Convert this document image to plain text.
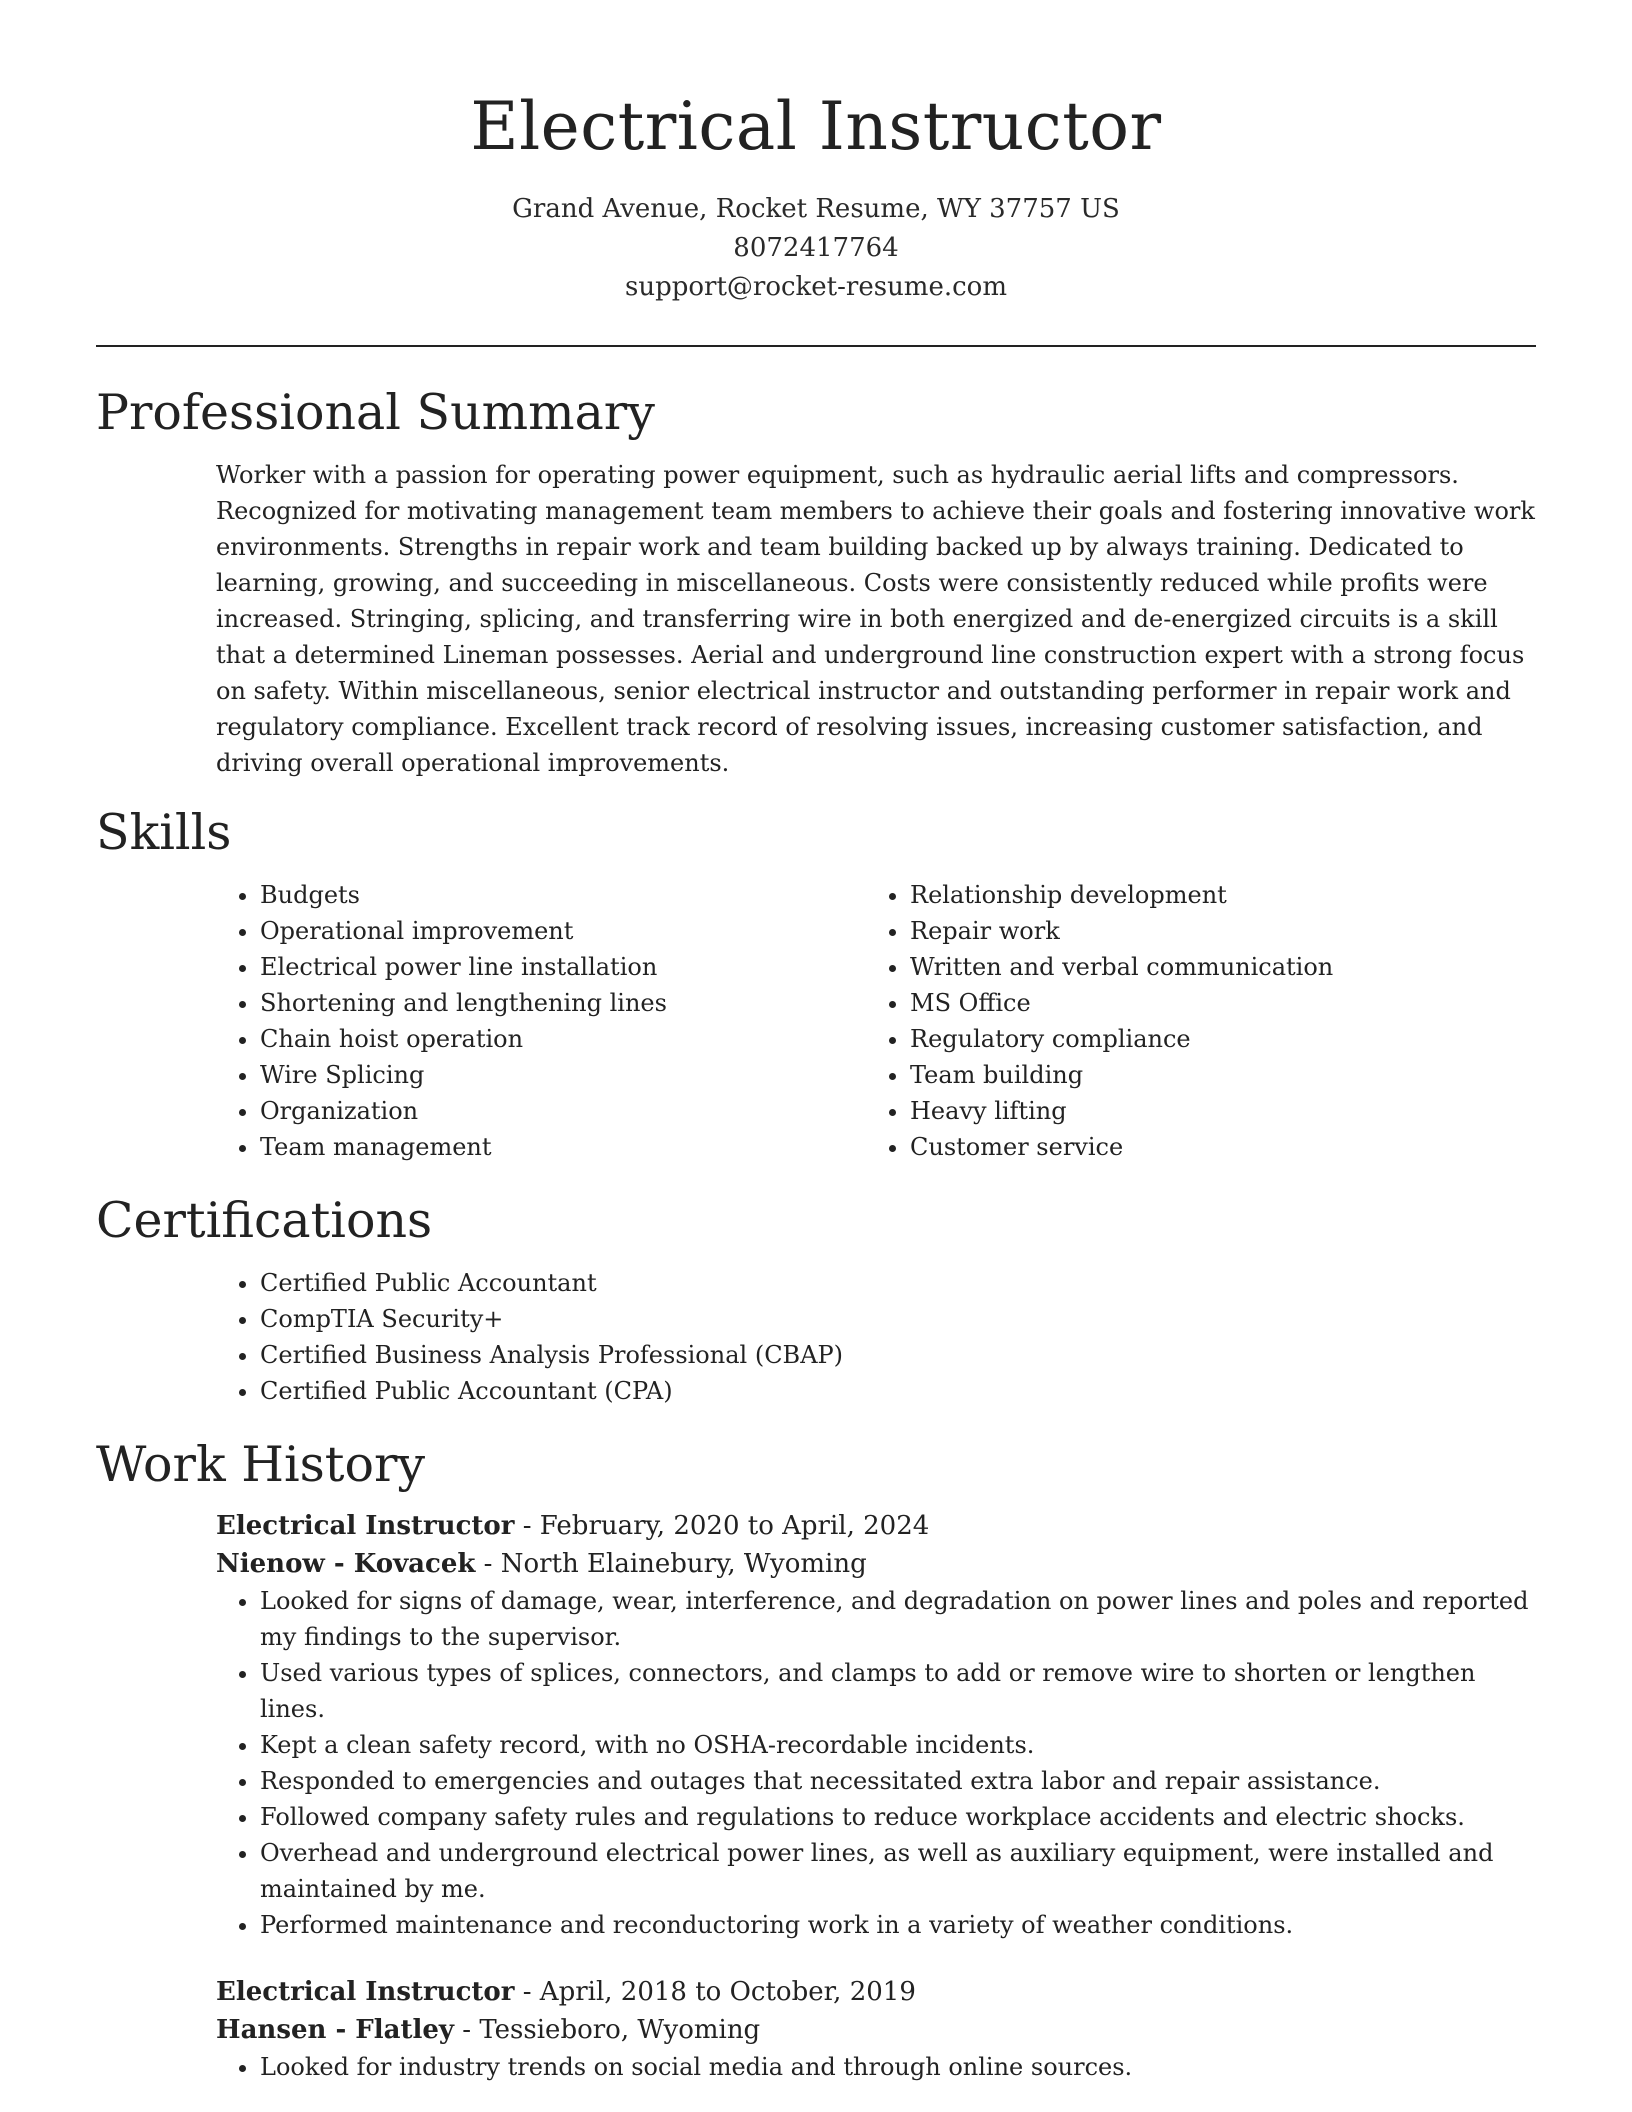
Electrical Instructor
Grand Avenue, Rocket Resume, WY 37757 US
8072417764
support@rocket-resume.com
Professional Summary

Worker with a passion for operating power equipment, such as hydraulic aerial lifts and compressors. Recognized for motivating management team members to achieve their goals and fostering innovative work environments. Strengths in repair work and team building backed up by always training. Dedicated to learning, growing, and succeeding in miscellaneous. Costs were consistently reduced while profits were increased. Stringing, splicing, and transferring wire in both energized and de-energized circuits is a skill that a determined Lineman possesses. Aerial and underground line construction expert with a strong focus on safety. Within miscellaneous, senior electrical instructor and outstanding performer in repair work and regulatory compliance. Excellent track record of resolving issues, increasing customer satisfaction, and driving overall operational improvements.

Skills
• Budgets
• Operational improvement
• Electrical power line installation
• Shortening and lengthening lines
• Chain hoist operation
• Wire Splicing
• Organization
• Team management
• Relationship development
• Repair work
• Written and verbal communication
• MS Office
• Regulatory compliance
• Team building
• Heavy lifting
• Customer service
Certifications
• Certified Public Accountant
• CompTIA Security+
• Certified Business Analysis Professional (CBAP)
• Certified Public Accountant (CPA)
Work History
Electrical Instructor - February, 2020 to April, 2024
Nienow - Kovacek - North Elainebury, Wyoming
• Looked for signs of damage, wear, interference, and degradation on power lines and poles and reported my findings to the supervisor.
• Used various types of splices, connectors, and clamps to add or remove wire to shorten or lengthen lines.
• Kept a clean safety record, with no OSHA-recordable incidents.
• Responded to emergencies and outages that necessitated extra labor and repair assistance.
• Followed company safety rules and regulations to reduce workplace accidents and electric shocks.
• Overhead and underground electrical power lines, as well as auxiliary equipment, were installed and maintained by me.
• Performed maintenance and reconductoring work in a variety of weather conditions.
Electrical Instructor - April, 2018 to October, 2019
Hansen - Flatley - Tessieboro, Wyoming
• Looked for industry trends on social media and through online sources.
